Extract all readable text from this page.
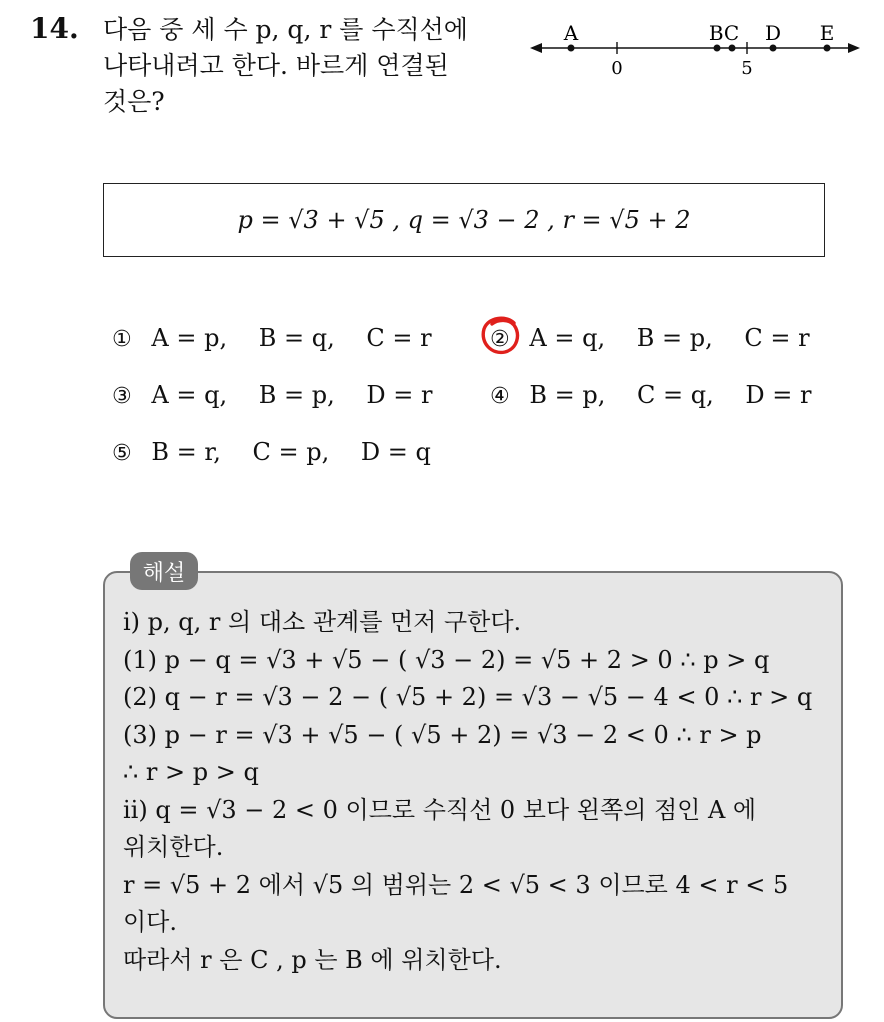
14. 다음 중 세 수 p, q, r 를 수직선에
나타내려고 한다. 바르게 연결된
것은?
A	BC D E
0	5
p = √3 + √5 , q = √3 − 2 , r = √5 + 2
① A = p, B = q, C = r	② A = q, B = p, C = r
③ A = q, B = p, D = r	④ B = p, C = q, D = r
⑤ B = r, C = p, D = q
해설
ⅰ) p, q, r 의 대소 관계를 먼저 구한다.
(1) p − q = √3 + √5 − ( √3 − 2) = √5 + 2 > 0 ∴ p > q
(2) q − r = √3 − 2 − ( √5 + 2) = √3 − √5 − 4 < 0 ∴ r > q
(3) p − r = √3 + √5 − ( √5 + 2) = √3 − 2 < 0 ∴ r > p
∴ r > p > q
ⅱ) q = √3 − 2 < 0 이므로 수직선 0 보다 왼쪽의 점인 A 에
위치한다.
r = √5 + 2 에서 √5 의 범위는 2 < √5 < 3 이므로 4 < r < 5
이다.
따라서 r 은 C , p 는 B 에 위치한다.
